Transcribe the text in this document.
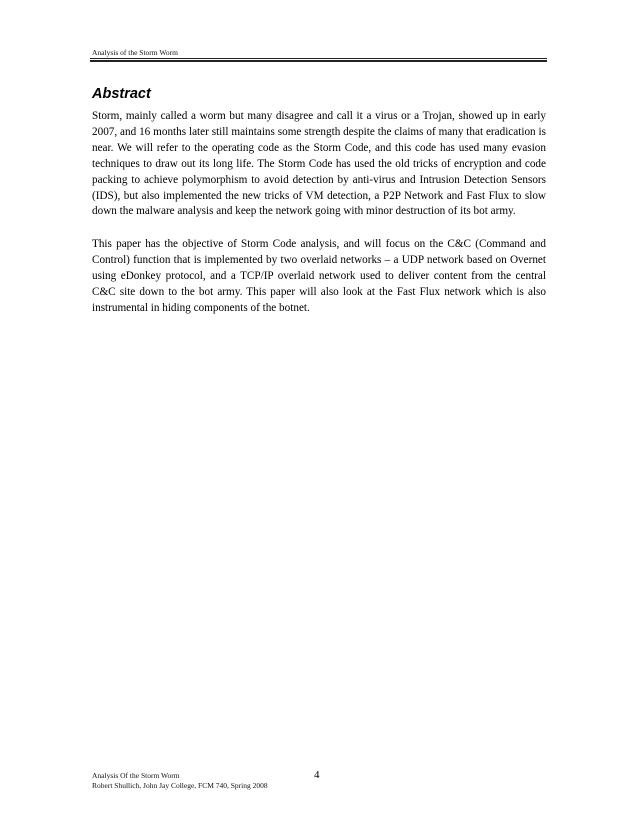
Analysis of the Storm Worm
Abstract

Storm, mainly called a worm but many disagree and call it a virus or a Trojan, showed up in early 2007, and 16 months later still maintains some strength despite the claims of many that eradication is near. We will refer to the operating code as the Storm Code, and this code has used many evasion techniques to draw out its long life. The Storm Code has used the old tricks of encryption and code packing to achieve polymorphism to avoid detection by anti-virus and Intrusion Detection Sensors (IDS), but also implemented the new tricks of VM detection, a P2P Network and Fast Flux to slow down the malware analysis and keep the network going with minor destruction of its bot army.

This paper has the objective of Storm Code analysis, and will focus on the C&C (Command and Control) function that is implemented by two overlaid networks – a UDP network based on Overnet using eDonkey protocol, and a TCP/IP overlaid network used to deliver content from the central C&C site down to the bot army. This paper will also look at the Fast Flux network which is also instrumental in hiding components of the botnet.

Analysis Of the Storm Worm
Robert Shullich, John Jay College, FCM 740, Spring 2008
4
